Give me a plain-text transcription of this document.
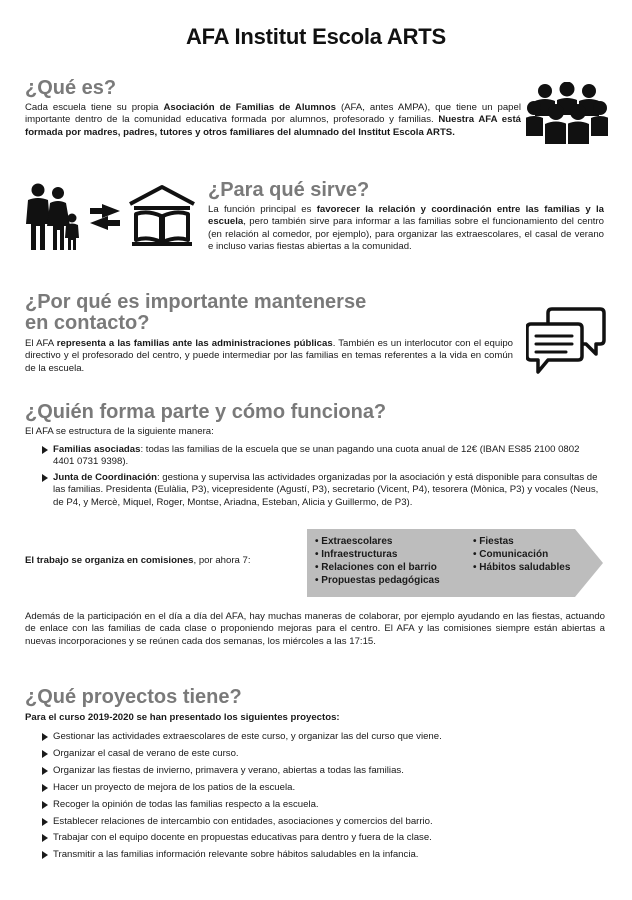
AFA Institut Escola ARTS
¿Qué es?

Cada escuela tiene su propia Asociación de Familias de Alumnos (AFA, antes AMPA), que tiene un papel importante dentro de la comunidad educativa formada por alumnos, profesorado y familias. Nuestra AFA está formada por madres, padres, tutores y otros familiares del alumnado del Institut Escola ARTS.

¿Para qué sirve?

La función principal es favorecer la relación y coordinación entre las familias y la escuela, pero también sirve para informar a las familias sobre el funcionamiento del centro (en relación al comedor, por ejemplo), para organizar las extraescolares, el casal de verano e incluso varias fiestas abiertas a la comunidad.

¿Por qué es importante mantenerse
en contacto?

El AFA representa a las familias ante las administraciones públicas. También es un interlocutor con el equipo directivo y el profesorado del centro, y puede intermediar por las familias en temas referentes a la vida en común de la escuela.

¿Quién forma parte y cómo funciona?

El AFA se estructura de la siguiente manera:

Familias asociadas: todas las familias de la escuela que se unan pagando una cuota anual de 12€ (IBAN ES85 2100 0802 4401 0731 9398).
Junta de Coordinación: gestiona y supervisa las actividades organizadas por la asociación y está disponible para consultas de las familias. Presidenta (Eulàlia, P3), vicepresidente (Agustí, P3), secretario (Vicent, P4), tesorera (Mònica, P3) y vocales (Neus, de P4, y Mercè, Miquel, Roger, Montse, Ariadna, Esteban, Alicia y Guillermo, de P3).

El trabajo se organiza en comisiones, por ahora 7:

• Extraescolares
• Infraestructuras
• Relaciones con el barrio
• Propuestas pedagógicas
• Fiestas
• Comunicación
• Hábitos saludables

Además de la participación en el día a día del AFA, hay muchas maneras de colaborar, por ejemplo ayudando en las fiestas, actuando de enlace con las familias de cada clase o proponiendo mejoras para el centro. El AFA y las comisiones siempre están abiertas a nuevas incorporaciones y se reúnen cada dos semanas, los miércoles a las 17:15.

¿Qué proyectos tiene?

Para el curso 2019-2020 se han presentado los siguientes proyectos:

Gestionar las actividades extraescolares de este curso, y organizar las del curso que viene.
Organizar el casal de verano de este curso.
Organizar las fiestas de invierno, primavera y verano, abiertas a todas las familias.
Hacer un proyecto de mejora de los patios de la escuela.
Recoger la opinión de todas las familias respecto a la escuela.
Establecer relaciones de intercambio con entidades, asociaciones y comercios del barrio.
Trabajar con el equipo docente en propuestas educativas para dentro y fuera de la clase.
Transmitir a las familias información relevante sobre hábitos saludables en la infancia.
